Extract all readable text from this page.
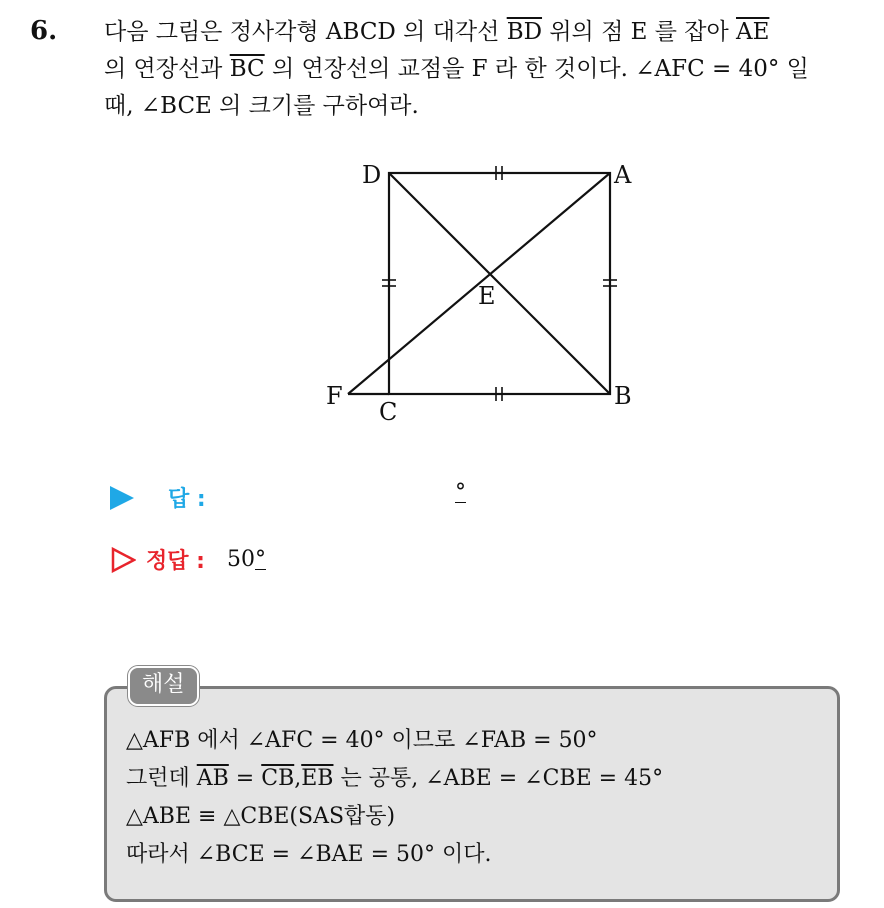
6. 다음 그림은 정사각형 ABCD 의 대각선 $\overline{BD}$ 위의 점 E 를 잡아 $\overline{AE}$
의 연장선과 $\overline{BC}$ 의 연장선의 교점을 F 라 한 것이다. ∠AFC = 40° 일
때, ∠BCE 의 크기를 구하여라.
D	A
E
F
C
B
답 :	°
정답 : 50°
해설
△AFB 에서 ∠AFC = 40° 이므로 ∠FAB = 50°
그런데 $\overline{AB} = \overline{CB},\overline{EB}$ 는 공통, ∠ABE = ∠CBE = 45°
△ABE ≡ △CBE(SAS합동)
따라서 ∠BCE = ∠BAE = 50° 이다.
